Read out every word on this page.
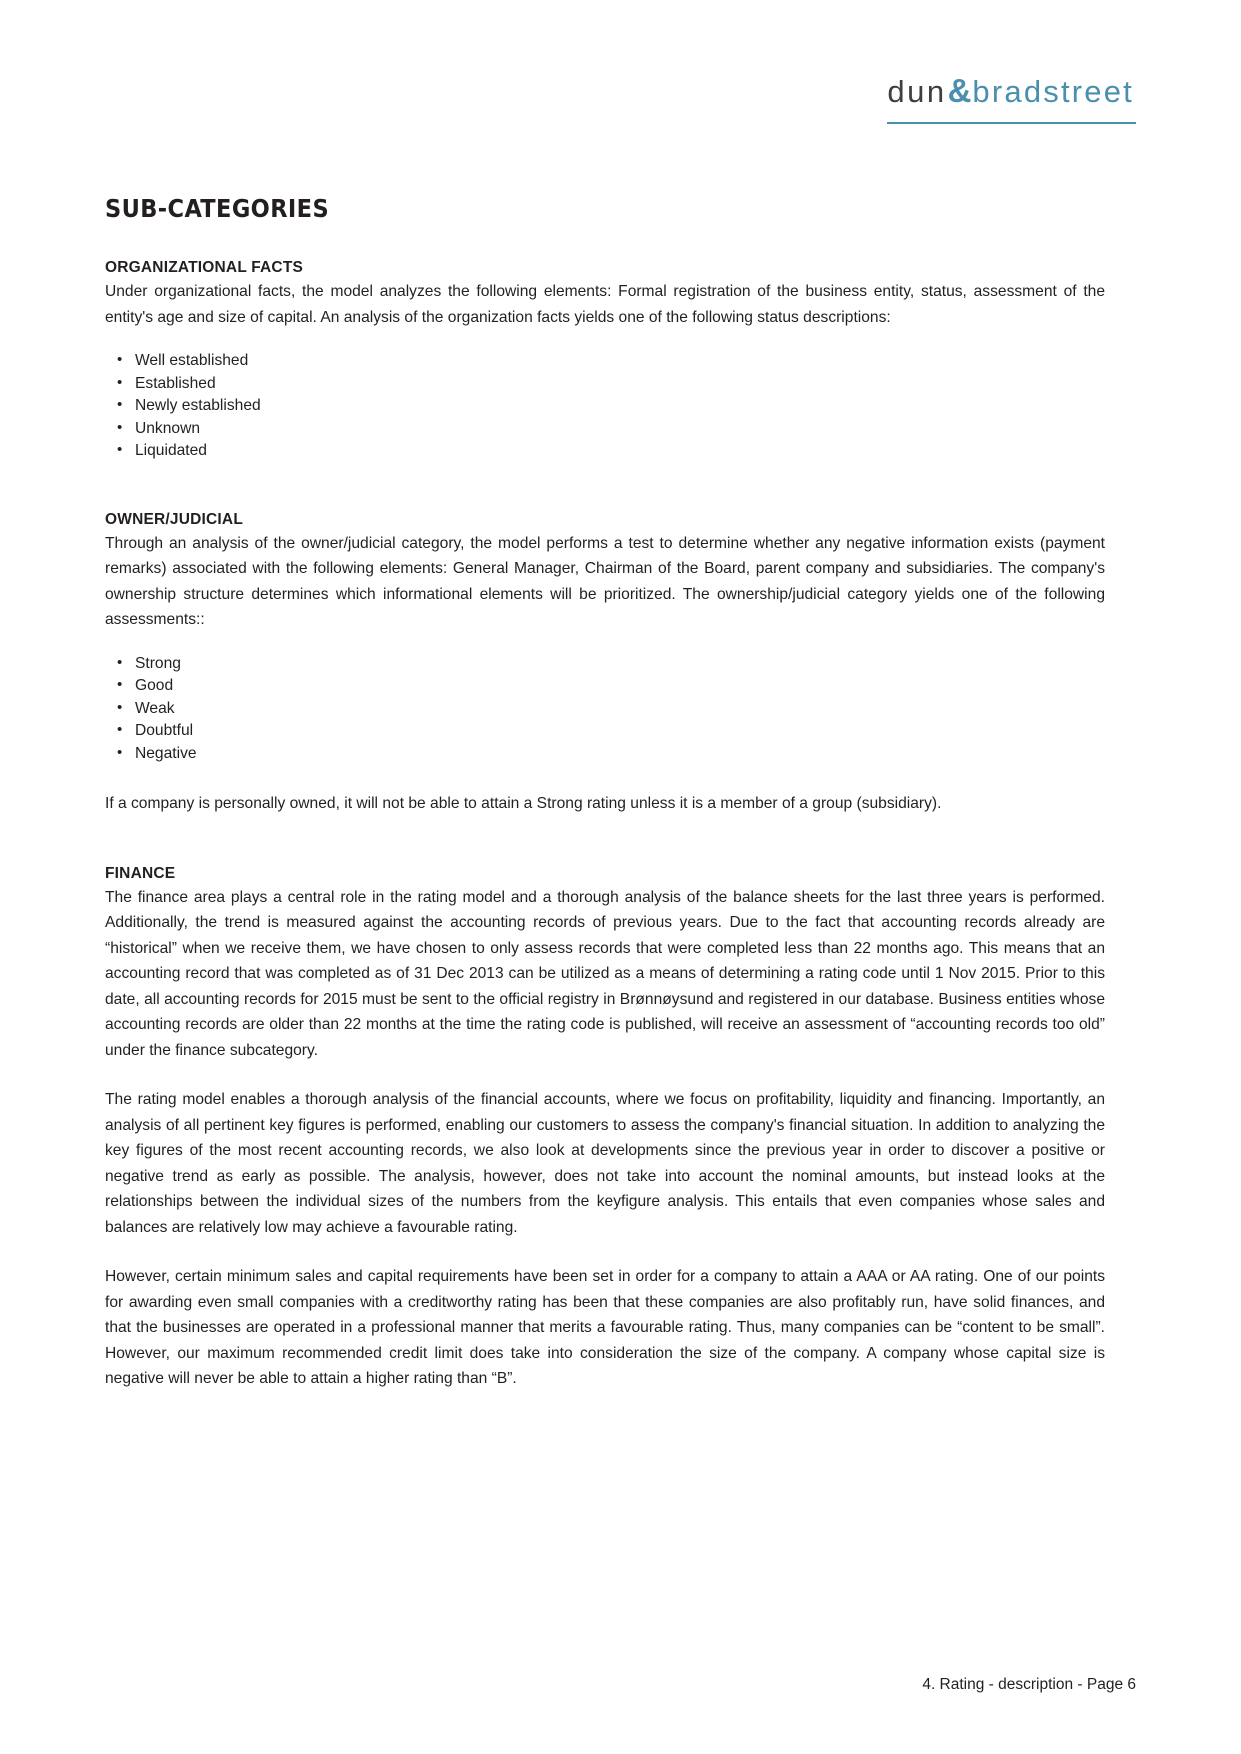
dun & bradstreet
SUB-CATEGORIES
ORGANIZATIONAL FACTS

Under organizational facts, the model analyzes the following elements: Formal registration of the business entity, status, assessment of the entity's age and size of capital. An analysis of the organization facts yields one of the following status descriptions:

• Well established
• Established
• Newly established
• Unknown
• Liquidated
OWNER/JUDICIAL

Through an analysis of the owner/judicial category, the model performs a test to determine whether any negative information exists (payment remarks) associated with the following elements: General Manager, Chairman of the Board, parent company and subsidiaries. The company's ownership structure determines which informational elements will be prioritized. The ownership/judicial category yields one of the following assessments::

• Strong
• Good
• Weak
• Doubtful
• Negative

If a company is personally owned, it will not be able to attain a Strong rating unless it is a member of a group (subsidiary).

FINANCE

The finance area plays a central role in the rating model and a thorough analysis of the balance sheets for the last three years is performed. Additionally, the trend is measured against the accounting records of previous years. Due to the fact that accounting records already are “historical” when we receive them, we have chosen to only assess records that were completed less than 22 months ago. This means that an accounting record that was completed as of 31 Dec 2013 can be utilized as a means of determining a rating code until 1 Nov 2015. Prior to this date, all accounting records for 2015 must be sent to the official registry in Brønnøysund and registered in our database. Business entities whose accounting records are older than 22 months at the time the rating code is published, will receive an assessment of “accounting records too old” under the finance subcategory.

The rating model enables a thorough analysis of the financial accounts, where we focus on profitability, liquidity and financing. Importantly, an analysis of all pertinent key figures is performed, enabling our customers to assess the company's financial situation. In addition to analyzing the key figures of the most recent accounting records, we also look at developments since the previous year in order to discover a positive or negative trend as early as possible. The analysis, however, does not take into account the nominal amounts, but instead looks at the relationships between the individual sizes of the numbers from the keyfigure analysis. This entails that even companies whose sales and balances are relatively low may achieve a favourable rating.

However, certain minimum sales and capital requirements have been set in order for a company to attain a AAA or AA rating. One of our points for awarding even small companies with a creditworthy rating has been that these companies are also profitably run, have solid finances, and that the businesses are operated in a professional manner that merits a favourable rating. Thus, many companies can be “content to be small”. However, our maximum recommended credit limit does take into consideration the size of the company. A company whose capital size is negative will never be able to attain a higher rating than “B”.

4. Rating - description - Page 6
